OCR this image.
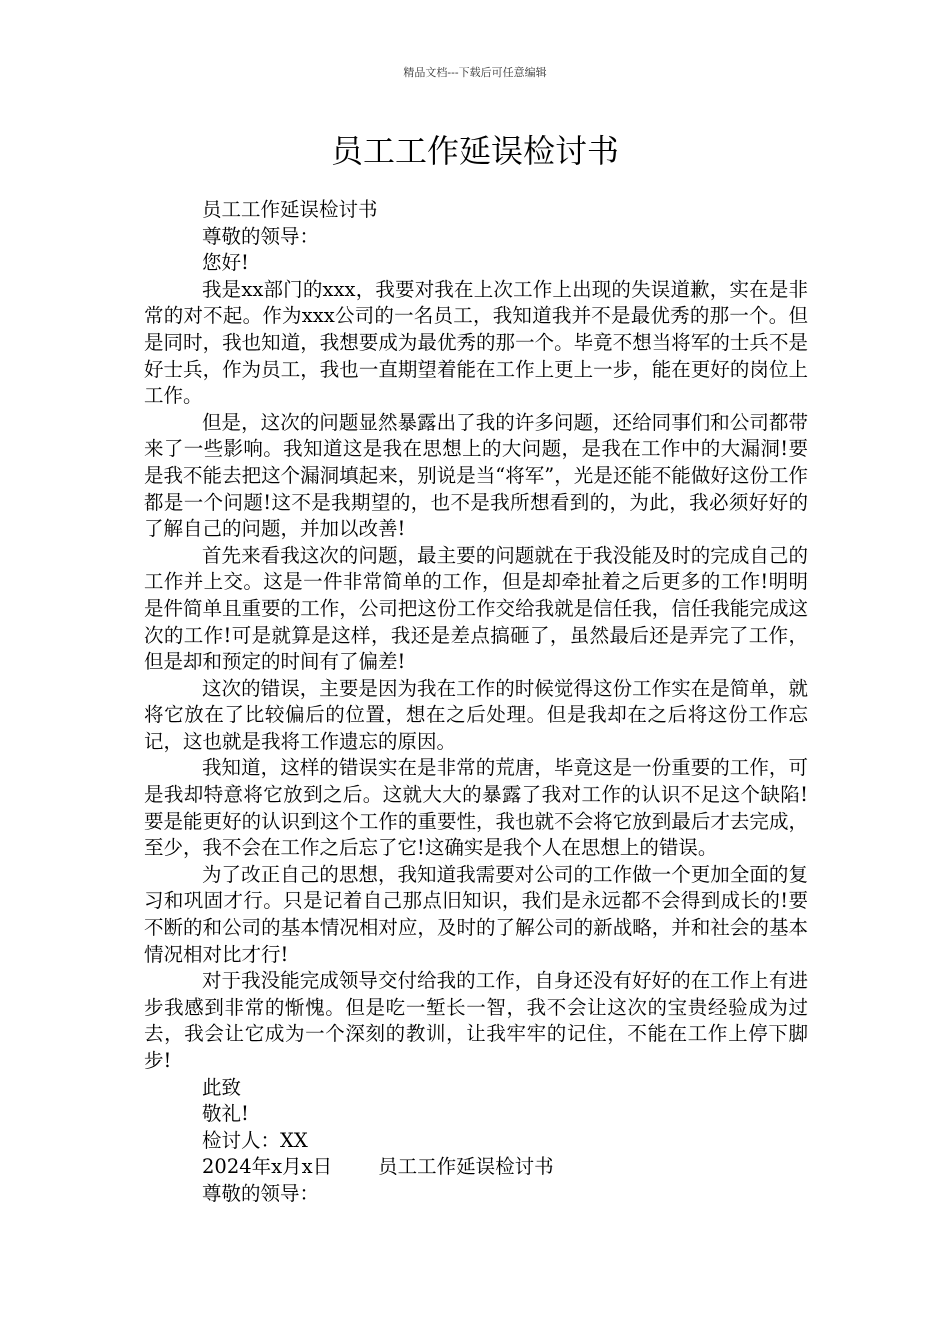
精品文档---下载后可任意编辑
员工工作延误检讨书

员工工作延误检讨书

尊敬的领导：

您好!

我是xx部门的xxx，我要对我在上次工作上出现的失误道歉，实在是非常的对不起。作为xxx公司的一名员工，我知道我并不是最优秀的那一个。但是同时，我也知道，我想要成为最优秀的那一个。毕竟不想当将军的士兵不是好士兵，作为员工，我也一直期望着能在工作上更上一步，能在更好的岗位上工作。

但是，这次的问题显然暴露出了我的许多问题，还给同事们和公司都带来了一些影响。我知道这是我在思想上的大问题，是我在工作中的大漏洞!要是我不能去把这个漏洞填起来，别说是当“将军”，光是还能不能做好这份工作都是一个问题!这不是我期望的，也不是我所想看到的，为此，我必须好好的了解自己的问题，并加以改善!

首先来看我这次的问题，最主要的问题就在于我没能及时的完成自己的工作并上交。这是一件非常简单的工作，但是却牵扯着之后更多的工作!明明是件简单且重要的工作，公司把这份工作交给我就是信任我，信任我能完成这次的工作!可是就算是这样，我还是差点搞砸了，虽然最后还是弄完了工作，但是却和预定的时间有了偏差!

这次的错误，主要是因为我在工作的时候觉得这份工作实在是简单，就将它放在了比较偏后的位置，想在之后处理。但是我却在之后将这份工作忘记，这也就是我将工作遗忘的原因。

我知道，这样的错误实在是非常的荒唐，毕竟这是一份重要的工作，可是我却特意将它放到之后。这就大大的暴露了我对工作的认识不足这个缺陷!要是能更好的认识到这个工作的重要性，我也就不会将它放到最后才去完成，至少，我不会在工作之后忘了它!这确实是我个人在思想上的错误。

为了改正自己的思想，我知道我需要对公司的工作做一个更加全面的复习和巩固才行。只是记着自己那点旧知识，我们是永远都不会得到成长的!要不断的和公司的基本情况相对应，及时的了解公司的新战略，并和社会的基本情况相对比才行!

对于我没能完成领导交付给我的工作，自身还没有好好的在工作上有进步我感到非常的惭愧。但是吃一堑长一智，我不会让这次的宝贵经验成为过去，我会让它成为一个深刻的教训，让我牢牢的记住，不能在工作上停下脚步!

此致

敬礼!

检讨人：XX

2024年x月x日 员工工作延误检讨书

尊敬的领导：
